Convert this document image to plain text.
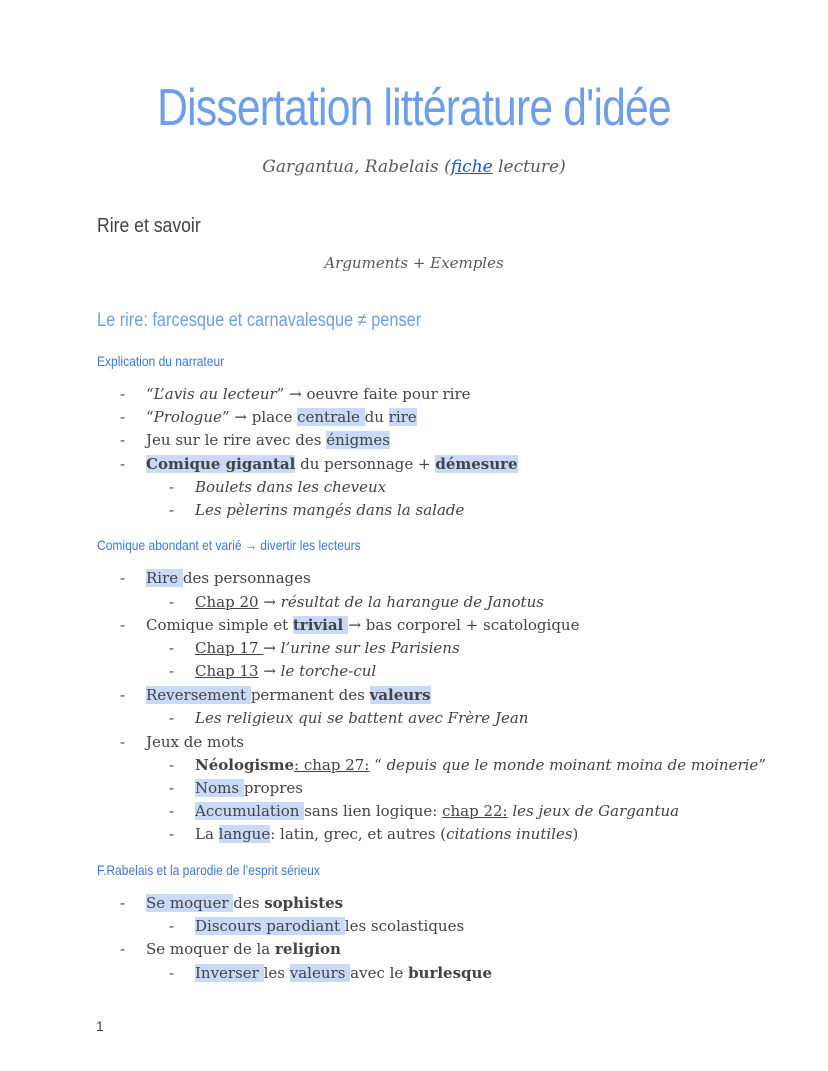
Dissertation littérature d'idée
Gargantua, Rabelais (fiche lecture)
Rire et savoir
Arguments + Exemples
Le rire: farcesque et carnavalesque ≠ penser
Explication du narrateur
- “L’avis au lecteur” → oeuvre faite pour rire
- “Prologue” → place centrale du rire
- Jeu sur le rire avec des énigmes
- Comique gigantal du personnage + démesure
- Boulets dans les cheveux
- Les pèlerins mangés dans la salade
Comique abondant et varié → divertir les lecteurs
- Rire des personnages
- Chap 20 → résultat de la harangue de Janotus
- Comique simple et trivial → bas corporel + scatologique
- Chap 17 → l’urine sur les Parisiens
- Chap 13 → le torche-cul
- Reversement permanent des valeurs
- Les religieux qui se battent avec Frère Jean
- Jeux de mots
- Néologisme: chap 27: “ depuis que le monde moinant moina de moinerie”
- Noms propres
- Accumulation sans lien logique: chap 22: les jeux de Gargantua
- La langue: latin, grec, et autres (citations inutiles)
F.Rabelais et la parodie de l’esprit sérieux
- Se moquer des sophistes
- Discours parodiant les scolastiques
- Se moquer de la religion
- Inverser les valeurs avec le burlesque
1
